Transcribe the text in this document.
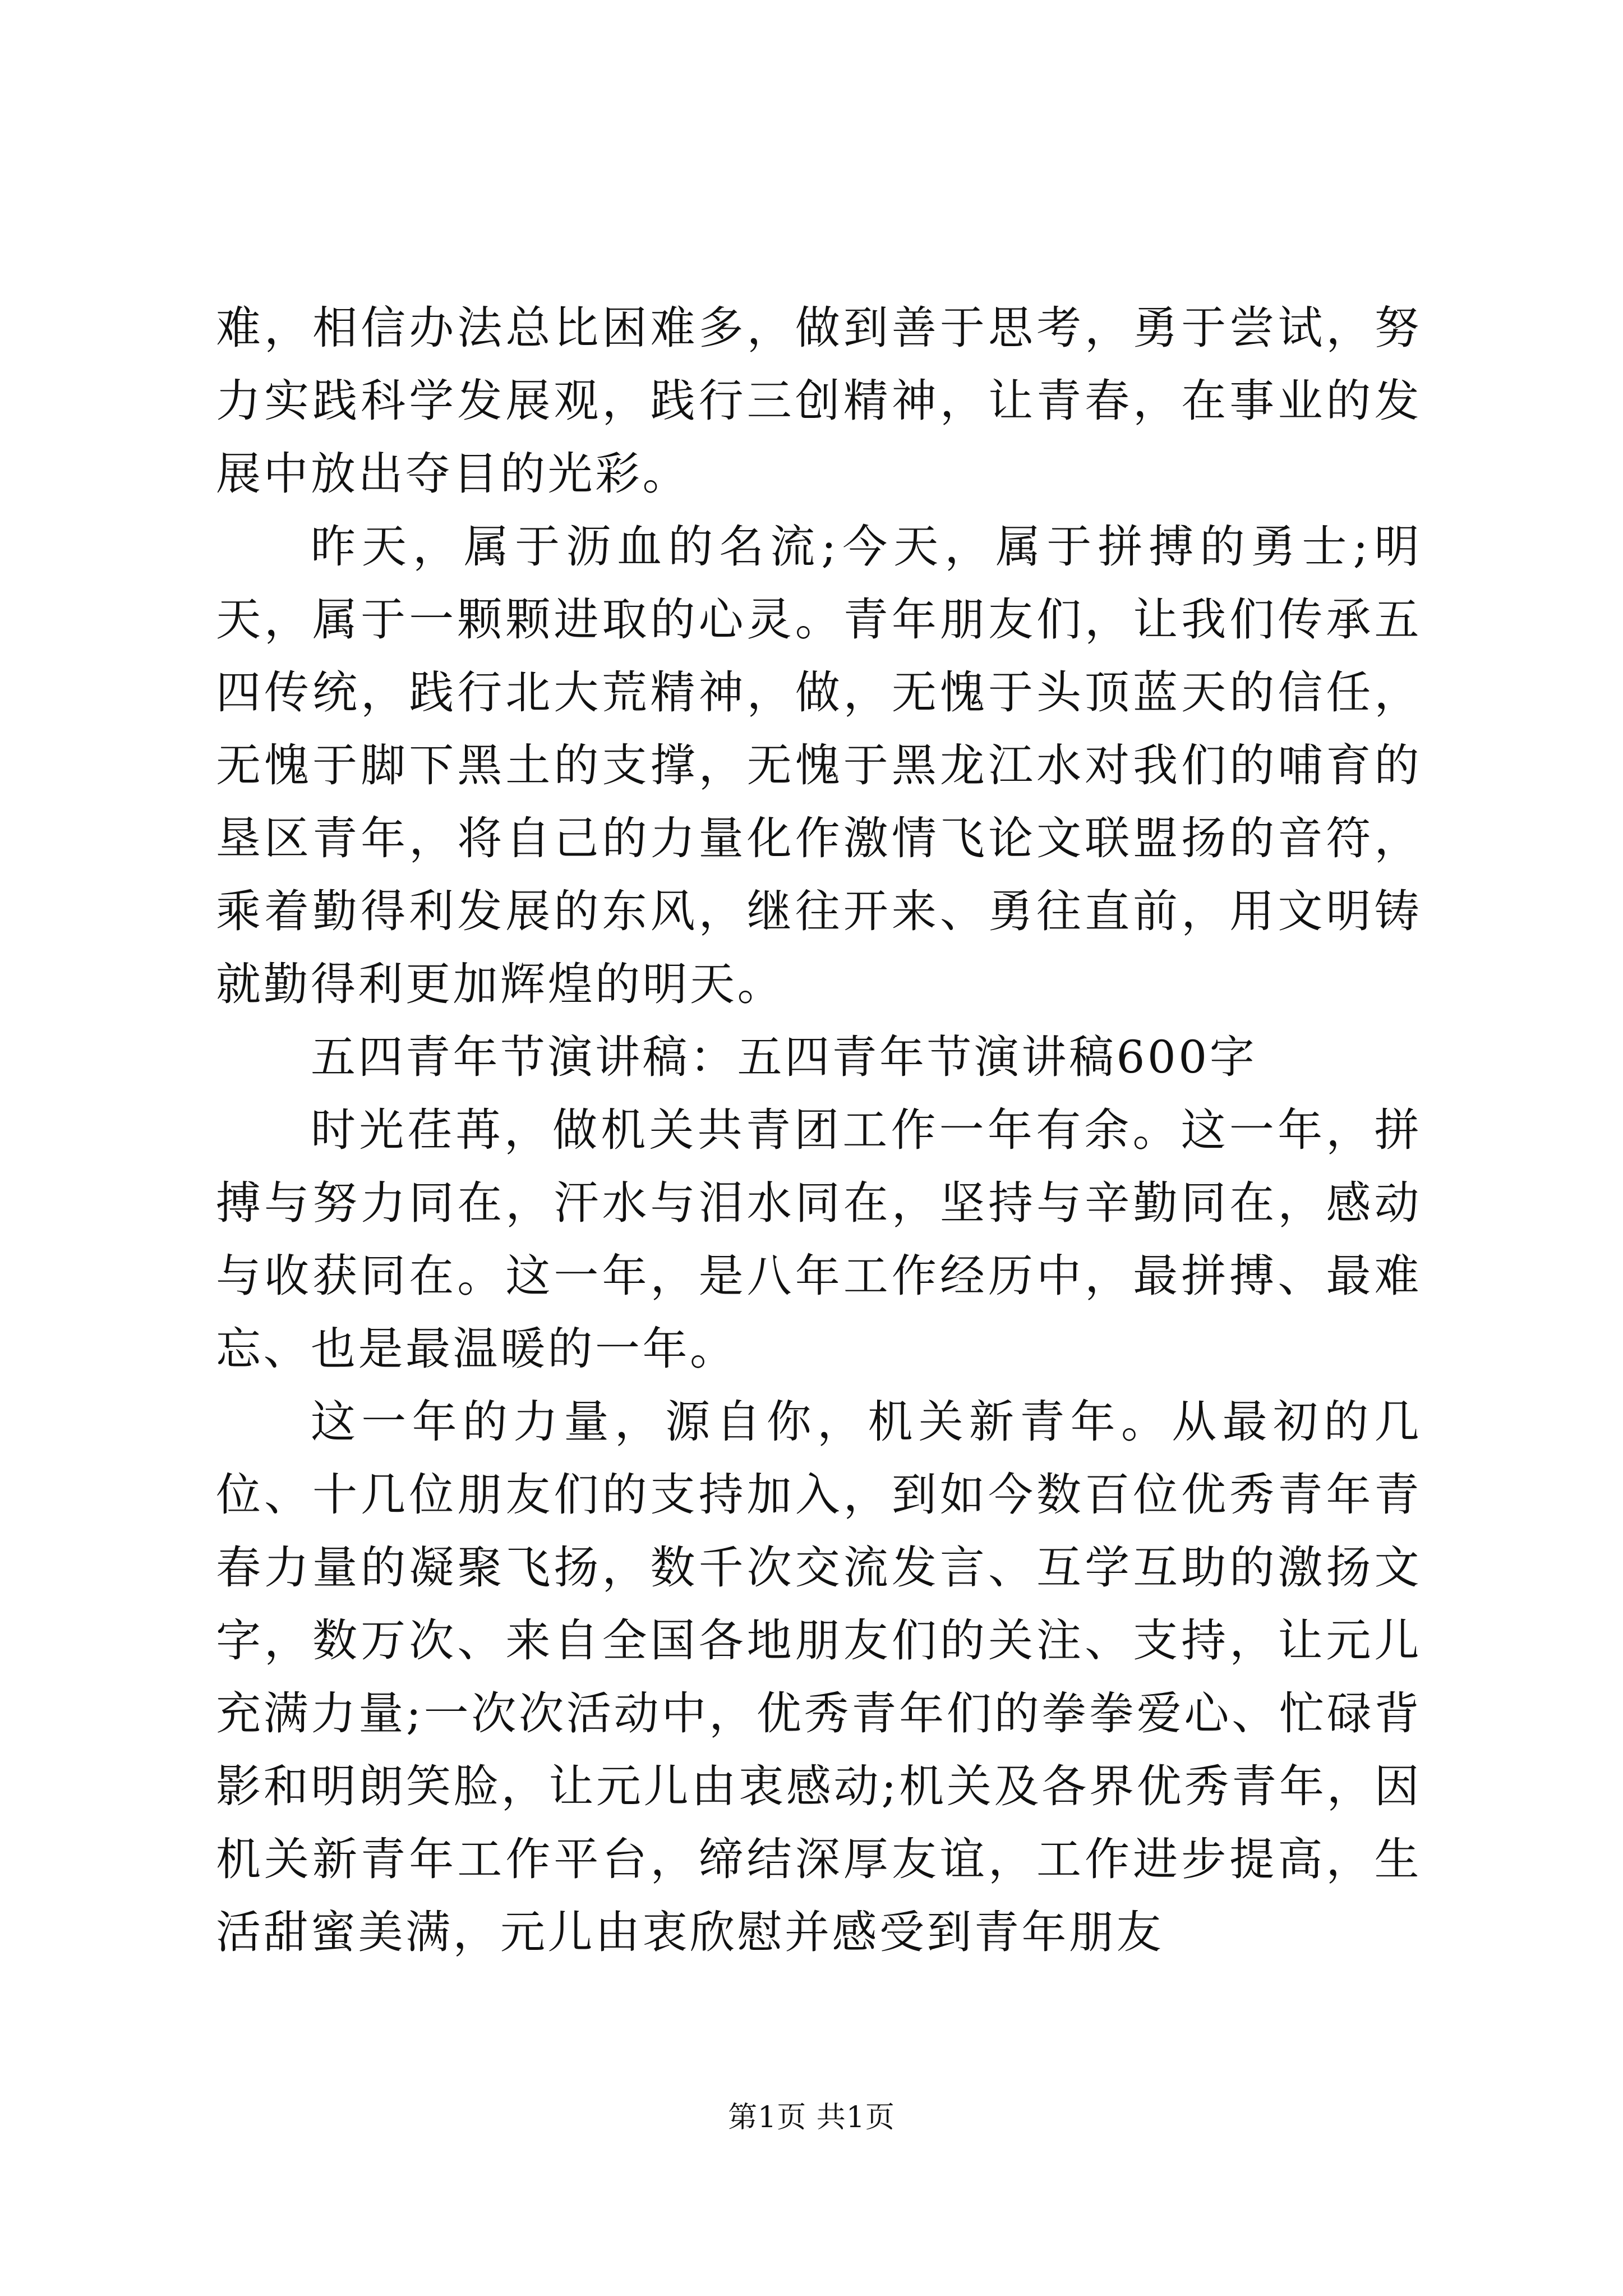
难，相信办法总比困难多，做到善于思考，勇于尝试，努力实践科学发展观，践行三创精神，让青春，在事业的发展中放出夺目的光彩。

昨天，属于沥血的名流;今天，属于拼搏的勇士;明天，属于一颗颗进取的心灵。青年朋友们，让我们传承五四传统，践行北大荒精神，做，无愧于头顶蓝天的信任，无愧于脚下黑土的支撑，无愧于黑龙江水对我们的哺育的垦区青年，将自己的力量化作激情飞论文联盟扬的音符，乘着勤得利发展的东风，继往开来、勇往直前，用文明铸就勤得利更加辉煌的明天。

五四青年节演讲稿：五四青年节演讲稿600字

时光荏苒，做机关共青团工作一年有余。这一年，拼搏与努力同在，汗水与泪水同在，坚持与辛勤同在，感动与收获同在。这一年，是八年工作经历中，最拼搏、最难忘、也是最温暖的一年。

这一年的力量，源自你，机关新青年。从最初的几位、十几位朋友们的支持加入，到如今数百位优秀青年青春力量的凝聚飞扬，数千次交流发言、互学互助的激扬文字，数万次、来自全国各地朋友们的关注、支持，让元儿充满力量;一次次活动中，优秀青年们的拳拳爱心、忙碌背影和明朗笑脸，让元儿由衷感动;机关及各界优秀青年，因机关新青年工作平台，缔结深厚友谊，工作进步提高，生活甜蜜美满，元儿由衷欣慰并感受到青年朋友

第1页 共1页
